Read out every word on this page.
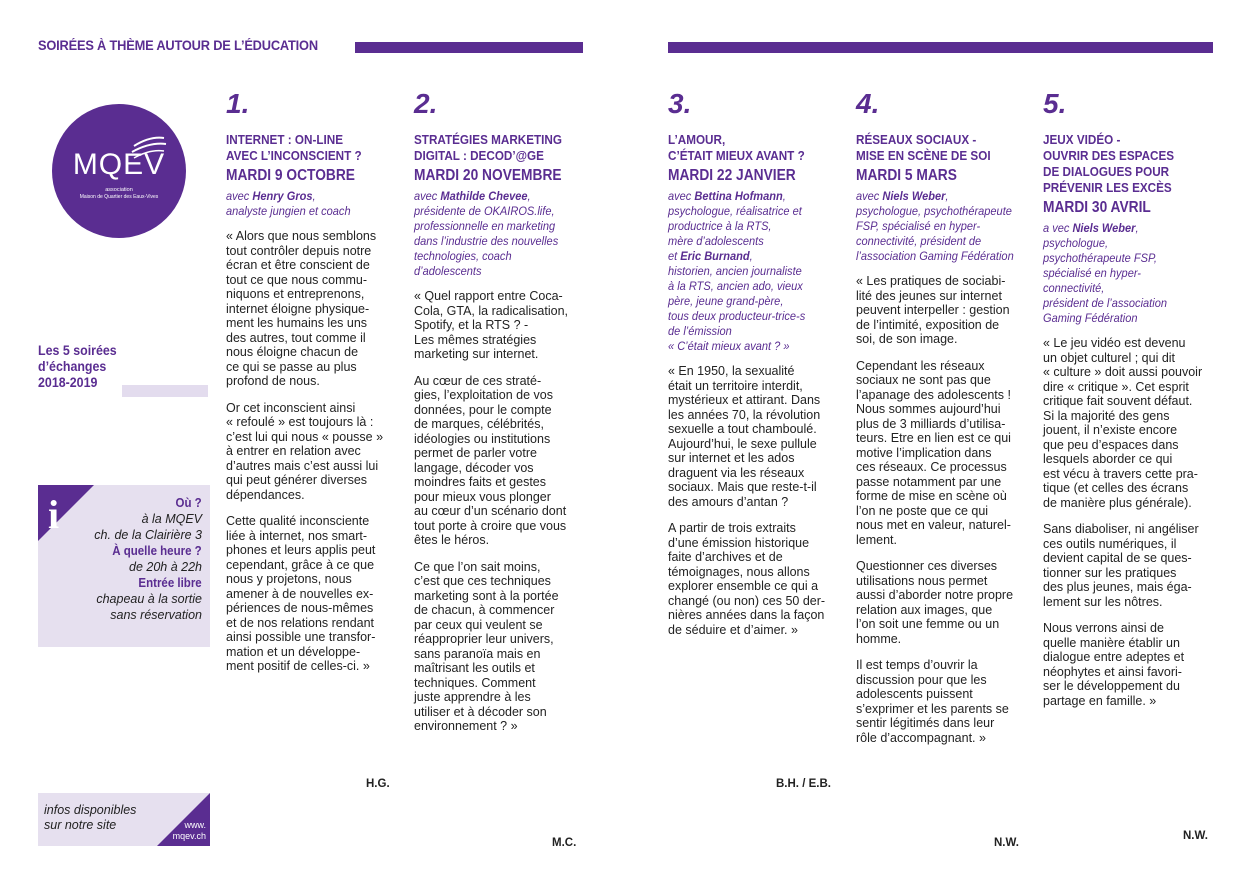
SOIRÉES À THÈME AUTOUR DE L’ÉDUCATION
MQEV
association
Maison de Quartier des Eaux-Vives
Les 5 soirées
d’échanges
2018-2019
i	Où ?
à la MQEV
ch. de la Clairière 3
À quelle heure ?
de 20h à 22h
Entrée libre
chapeau à la sortie
sans réservation
infos disponibles
sur notre site	www.
mqev.ch
1.
INTERNET : ON-LINE
AVEC L’INCONSCIENT ?
MARDI 9 OCTOBRE
avec Henry Gros,
analyste jungien et coach

« Alors que nous semblons
tout contrôler depuis notre
écran et être conscient de
tout ce que nous commu-
niquons et entreprenons,
internet éloigne physique-
ment les humains les uns
des autres, tout comme il
nous éloigne chacun de
ce qui se passe au plus
profond de nous.

Or cet inconscient ainsi
« refoulé » est toujours là :
c’est lui qui nous « pousse »
à entrer en relation avec
d’autres mais c’est aussi lui
qui peut générer diverses
dépendances.

Cette qualité inconsciente
liée à internet, nos smart-
phones et leurs applis peut
cependant, grâce à ce que
nous y projetons, nous
amener à de nouvelles ex-
périences de nous-mêmes
et de nos relations rendant
ainsi possible une transfor-
mation et un développe-
ment positif de celles-ci. »

H.G.
2.
STRATÉGIES MARKETING
DIGITAL : DECOD’@GE
MARDI 20 NOVEMBRE
avec Mathilde Chevee,
présidente de OKAIROS.life,
professionnelle en marketing
dans l’industrie des nouvelles
technologies, coach
d’adolescents

« Quel rapport entre Coca-
Cola, GTA, la radicalisation,
Spotify, et la RTS ? -
Les mêmes stratégies
marketing sur internet.

Au cœur de ces straté-
gies, l’exploitation de vos
données, pour le compte
de marques, célébrités,
idéologies ou institutions
permet de parler votre
langage, décoder vos
moindres faits et gestes
pour mieux vous plonger
au cœur d’un scénario dont
tout porte à croire que vous
êtes le héros.

Ce que l’on sait moins,
c’est que ces techniques
marketing sont à la portée
de chacun, à commencer
par ceux qui veulent se
réapproprier leur univers,
sans paranoïa mais en
maîtrisant les outils et
techniques. Comment
juste apprendre à les
utiliser et à décoder son
environnement ? »

M.C.
3.
L’AMOUR,
C’ÉTAIT MIEUX AVANT ?
MARDI 22 JANVIER
avec Bettina Hofmann,
psychologue, réalisatrice et
productrice à la RTS,
mère d’adolescents
et Eric Burnand,
historien, ancien journaliste
à la RTS, ancien ado, vieux
père, jeune grand-père,
tous deux producteur-trice-s
de l’émission
« C’était mieux avant ? »

« En 1950, la sexualité
était un territoire interdit,
mystérieux et attirant. Dans
les années 70, la révolution
sexuelle a tout chamboulé.
Aujourd’hui, le sexe pullule
sur internet et les ados
draguent via les réseaux
sociaux. Mais que reste-t-il
des amours d’antan ?

A partir de trois extraits
d’une émission historique
faite d’archives et de
témoignages, nous allons
explorer ensemble ce qui a
changé (ou non) ces 50 der-
nières années dans la façon
de séduire et d’aimer. »

B.H. / E.B.
4.
RÉSEAUX SOCIAUX -
MISE EN SCÈNE DE SOI
MARDI 5 MARS
avec Niels Weber,
psychologue, psychothérapeute
FSP, spécialisé en hyper-
connectivité, président de
l’association Gaming Fédération

« Les pratiques de sociabi-
lité des jeunes sur internet
peuvent interpeller : gestion
de l’intimité, exposition de
soi, de son image.

Cependant les réseaux
sociaux ne sont pas que
l’apanage des adolescents !
Nous sommes aujourd’hui
plus de 3 milliards d’utilisa-
teurs. Etre en lien est ce qui
motive l’implication dans
ces réseaux. Ce processus
passe notamment par une
forme de mise en scène où
l’on ne poste que ce qui
nous met en valeur, naturel-
lement.

Questionner ces diverses
utilisations nous permet
aussi d’aborder notre propre
relation aux images, que
l’on soit une femme ou un
homme.

Il est temps d’ouvrir la
discussion pour que les
adolescents puissent
s’exprimer et les parents se
sentir légitimés dans leur
rôle d’accompagnant. »

N.W.
5.
JEUX VIDÉO -
OUVRIR DES ESPACES
DE DIALOGUES POUR
PRÉVENIR LES EXCÈS
MARDI 30 AVRIL
a vec Niels Weber,
psychologue,
psychothérapeute FSP,
spécialisé en hyper-
connectivité,
président de l’association
Gaming Fédération

« Le jeu vidéo est devenu
un objet culturel ; qui dit
« culture » doit aussi pouvoir
dire « critique ». Cet esprit
critique fait souvent défaut.
Si la majorité des gens
jouent, il n’existe encore
que peu d’espaces dans
lesquels aborder ce qui
est vécu à travers cette pra-
tique (et celles des écrans
de manière plus générale).

Sans diaboliser, ni angéliser
ces outils numériques, il
devient capital de se ques-
tionner sur les pratiques
des plus jeunes, mais éga-
lement sur les nôtres.

Nous verrons ainsi de
quelle manière établir un
dialogue entre adeptes et
néophytes et ainsi favori-
ser le développement du
partage en famille. »

N.W.
